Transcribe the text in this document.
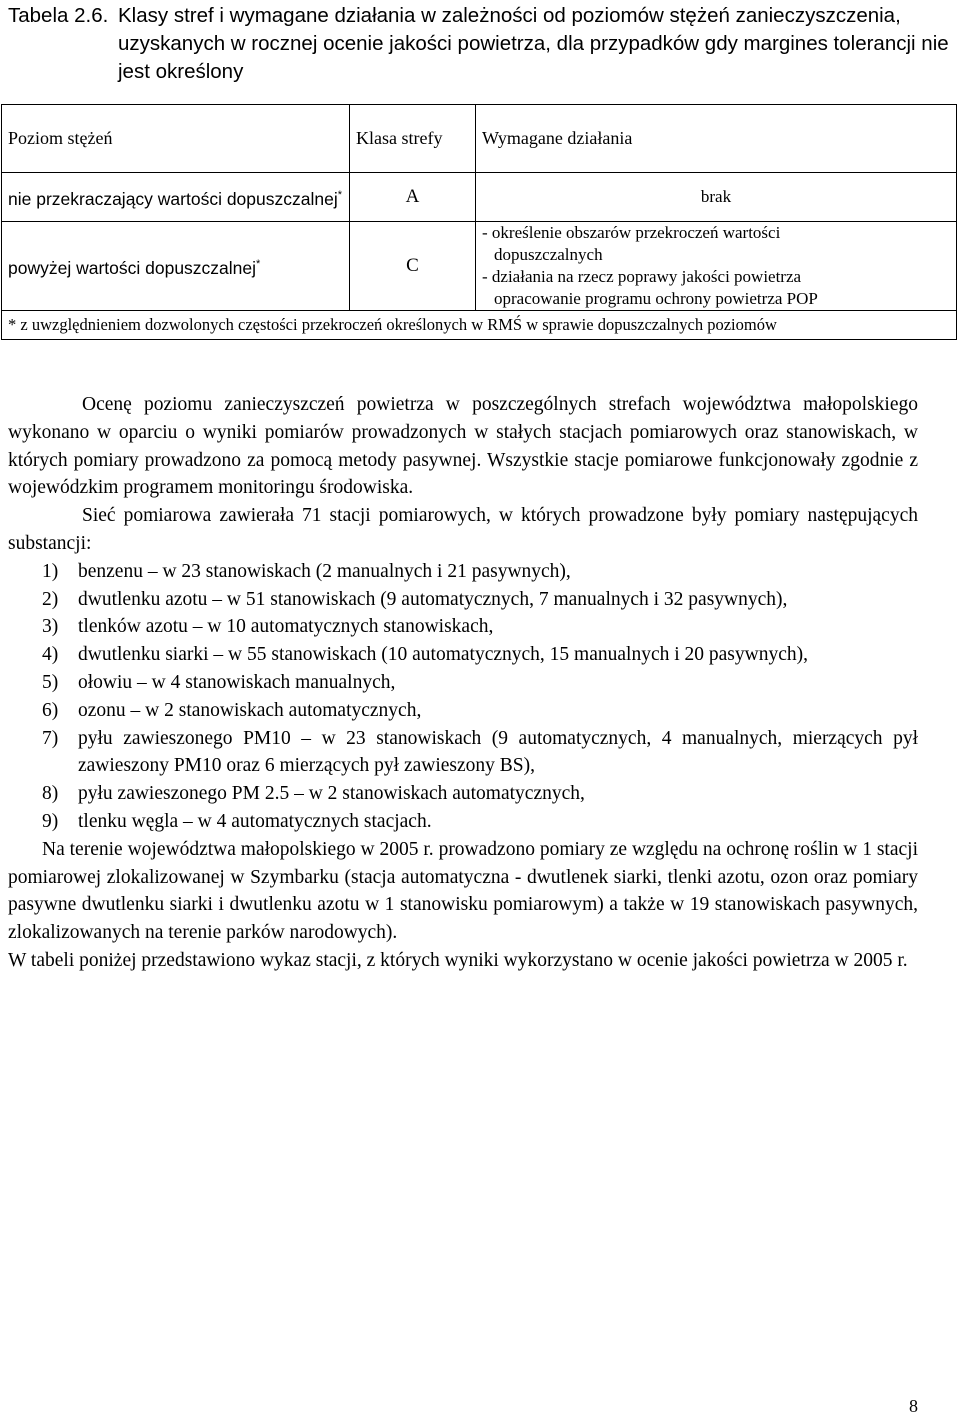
Tabela 2.6. Klasy stref i wymagane działania w zależności od poziomów stężeń zanieczyszczenia, uzyskanych w rocznej ocenie jakości powietrza, dla przypadków gdy margines tolerancji nie jest określony
Poziom stężeń	Klasa strefy	Wymagane działania
nie przekraczający wartości dopuszczalnej*	A	brak
powyżej wartości dopuszczalnej*	C	- określenie obszarów przekroczeń wartości
dopuszczalnych
- działania na rzecz poprawy jakości powietrza
opracowanie programu ochrony powietrza POP

* z uwzględnieniem dozwolonych częstości przekroczeń określonych w RMŚ w sprawie dopuszczalnych poziomów		

Ocenę poziomu zanieczyszczeń powietrza w poszczególnych strefach województwa małopolskiego wykonano w oparciu o wyniki pomiarów prowadzonych w stałych stacjach pomiarowych oraz stanowiskach, w których pomiary prowadzono za pomocą metody pasywnej. Wszystkie stacje pomiarowe funkcjonowały zgodnie z wojewódzkim programem monitoringu środowiska.

Sieć pomiarowa zawierała 71 stacji pomiarowych, w których prowadzone były pomiary następujących substancji:

1) benzenu – w 23 stanowiskach (2 manualnych i 21 pasywnych),
2) dwutlenku azotu – w 51 stanowiskach (9 automatycznych, 7 manualnych i 32 pasywnych),
3) tlenków azotu – w 10 automatycznych stanowiskach,
4) dwutlenku siarki – w 55 stanowiskach (10 automatycznych, 15 manualnych i 20 pasywnych),
5) ołowiu – w 4 stanowiskach manualnych,
6) ozonu – w 2 stanowiskach automatycznych,
7) pyłu zawieszonego PM10 – w 23 stanowiskach (9 automatycznych, 4 manualnych, mierzących pył zawieszony PM10 oraz 6 mierzących pył zawieszony BS),
8) pyłu zawieszonego PM 2.5 – w 2 stanowiskach automatycznych,
9) tlenku węgla – w 4 automatycznych stacjach.

Na terenie województwa małopolskiego w 2005 r. prowadzono pomiary ze względu na ochronę roślin w 1 stacji pomiarowej zlokalizowanej w Szymbarku (stacja automatyczna - dwutlenek siarki, tlenki azotu, ozon oraz pomiary pasywne dwutlenku siarki i dwutlenku azotu w 1 stanowisku pomiarowym) a także w 19 stanowiskach pasywnych, zlokalizowanych na terenie parków narodowych).

W tabeli poniżej przedstawiono wykaz stacji, z których wyniki wykorzystano w ocenie jakości powietrza w 2005 r.

8
